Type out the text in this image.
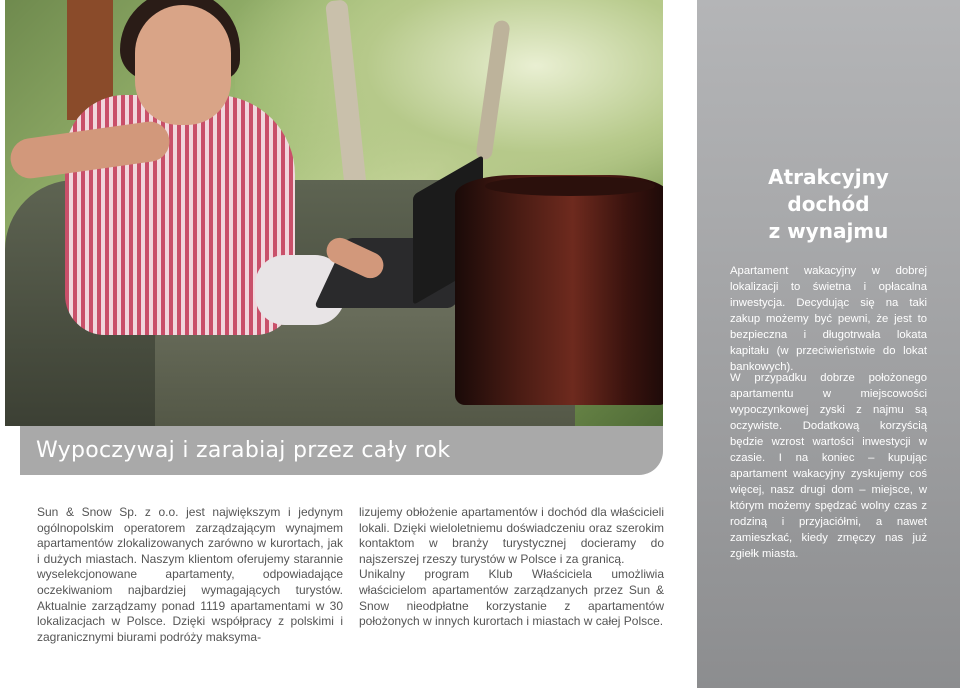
Wypoczywaj i zarabiaj przez cały rok

Sun & Snow Sp. z o.o. jest największym i jedynym ogólnopolskim operatorem zarządzającym wynajmem apartamentów zlokalizowanych zarówno w kurortach, jak i dużych miastach. Naszym klientom oferujemy starannie wyselekcjonowane apartamenty, odpowiadające oczekiwaniom najbardziej wymagających turystów. Aktualnie zarządzamy ponad 1119 apartamentami w 30 lokalizacjach w Polsce. Dzięki współpracy z polskimi i zagranicznymi biurami podróży maksyma-

lizujemy obłożenie apartamentów i dochód dla właścicieli lokali. Dzięki wieloletniemu doświadczeniu oraz szerokim kontaktom w branży turystycznej docieramy do najszerszej rzeszy turystów w Polsce i za granicą.

Unikalny program Klub Właściciela umożliwia właścicielom apartamentów zarządzanych przez Sun & Snow nieodpłatne korzystanie z apartamentów położonych w innych kurortach i miastach w całej Polsce.

Atrakcyjny
dochód
z wynajmu

Apartament wakacyjny w dobrej lokalizacji to świetna i opłacalna inwestycja. Decydując się na taki zakup możemy być pewni, że jest to bezpieczna i długotrwała lokata kapitału (w przeciwieństwie do lokat bankowych).

W przypadku dobrze położonego apartamentu w miejscowości wypoczynkowej zyski z najmu są oczywiste. Dodatkową korzyścią będzie wzrost wartości inwestycji w czasie. I na koniec – kupując apartament wakacyjny zyskujemy coś więcej, nasz drugi dom – miejsce, w którym możemy spędzać wolny czas z rodziną i przyjaciółmi, a nawet zamieszkać, kiedy zmęczy nas już zgiełk miasta.
